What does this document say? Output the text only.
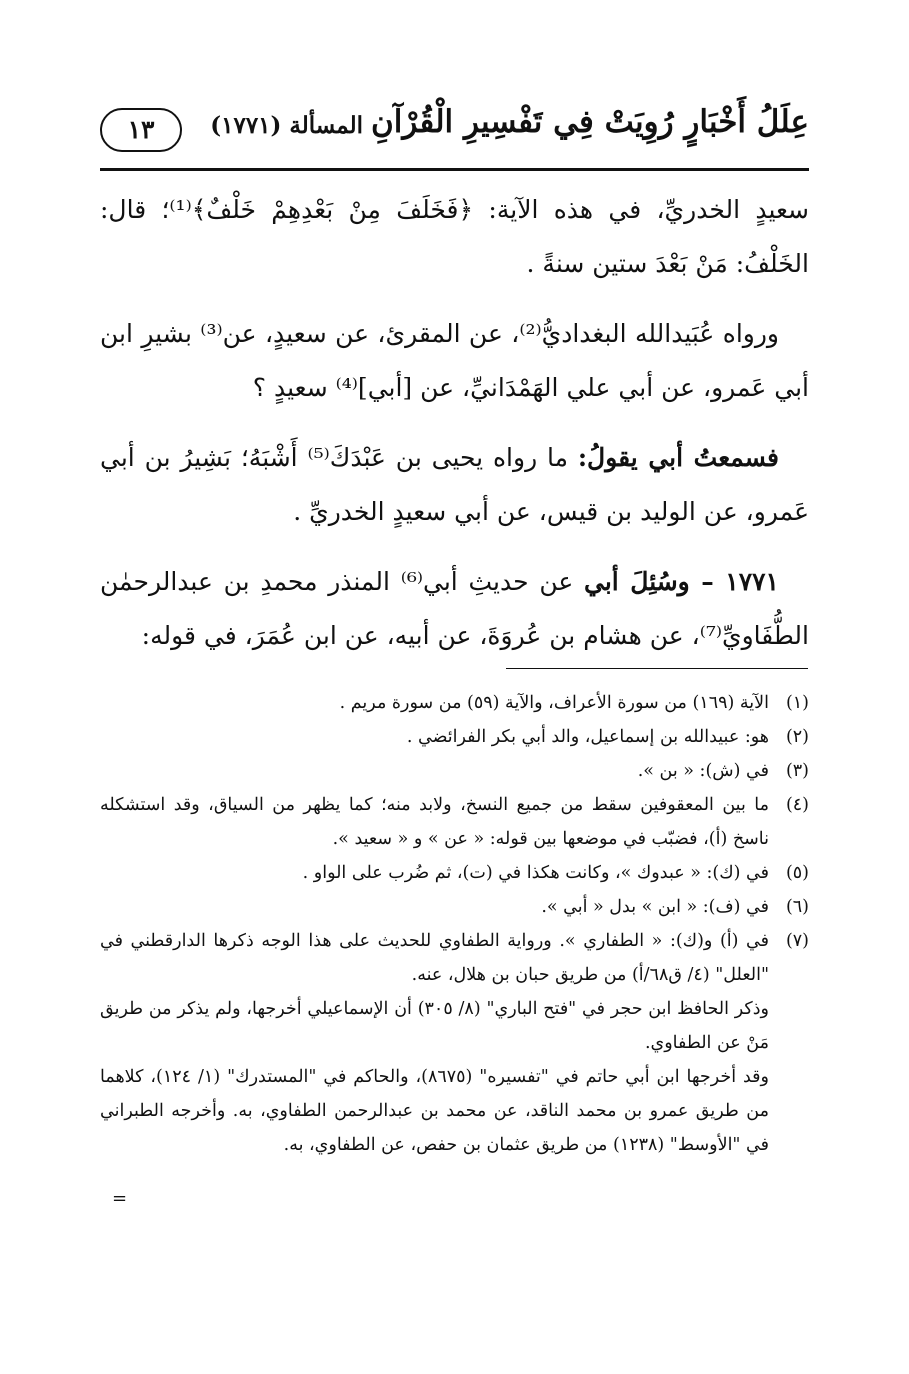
عِلَلُ أَخْبَارٍ رُوِيَتْ فِي تَفْسِيرِ الْقُرْآنِ
المسألة (١٧٧١)
١٣

سعيدٍ الخدريِّ، في هذه الآية: ﴿فَخَلَفَ مِنْ بَعْدِهِمْ خَلْفٌ﴾⁽¹⁾؛ قال: الخَلْفُ: مَنْ بَعْدَ ستين سنةً .

ورواه عُبَيدالله البغداديُّ⁽²⁾، عن المقرئ، عن سعيدٍ، عن⁽³⁾ بشيرِ ابن أبي عَمرو، عن أبي علي الهَمْدَانيِّ، عن [أبي]⁽⁴⁾ سعيدٍ ؟

فسمعتُ أبي يقولُ: ما رواه يحيى بن عَبْدَكَ⁽⁵⁾ أَشْبَهُ؛ بَشِيرُ بن أبي عَمرو، عن الوليد بن قيس، عن أبي سعيدٍ الخدريِّ .

١٧٧١ – وسُئِلَ أبي عن حديثِ أبي⁽⁶⁾ المنذر محمدِ بن عبدالرحمٰن الطُّفَاويِّ⁽⁷⁾، عن هشام بن عُروَةَ، عن أبيه، عن ابن عُمَرَ، في قوله:

(١)

الآية (١٦٩) من سورة الأعراف، والآية (٥٩) من سورة مريم .

(٢)

هو: عبيدالله بن إسماعيل، والد أبي بكر الفرائضي .

(٣)

في (ش): « بن ».

(٤)

ما بين المعقوفين سقط من جميع النسخ، ولابد منه؛ كما يظهر من السياق، وقد استشكله ناسخ (أ)، فضبّب في موضعها بين قوله: « عن » و « سعيد ».

(٥)

في (ك): « عبدوك »، وكانت هكذا في (ت)، ثم ضُرب على الواو .

(٦)

في (ف): « ابن » بدل « أبي ».

(٧)

في (أ) و(ك): « الطفاري ». ورواية الطفاوي للحديث على هذا الوجه ذكرها الدارقطني في "العلل" (٤/ ق٦٨/أ) من طريق حبان بن هلال، عنه.

وذكر الحافظ ابن حجر في "فتح الباري" (٨/ ٣٠٥) أن الإسماعيلي أخرجها، ولم يذكر من طريق مَنْ عن الطفاوي.

وقد أخرجها ابن أبي حاتم في "تفسيره" (٨٦٧٥)، والحاكم في "المستدرك" (١/ ١٢٤)، كلاهما من طريق عمرو بن محمد الناقد، عن محمد بن عبدالرحمن الطفاوي، به. وأخرجه الطبراني في "الأوسط" (١٢٣٨) من طريق عثمان بن حفص، عن الطفاوي، به.

=
